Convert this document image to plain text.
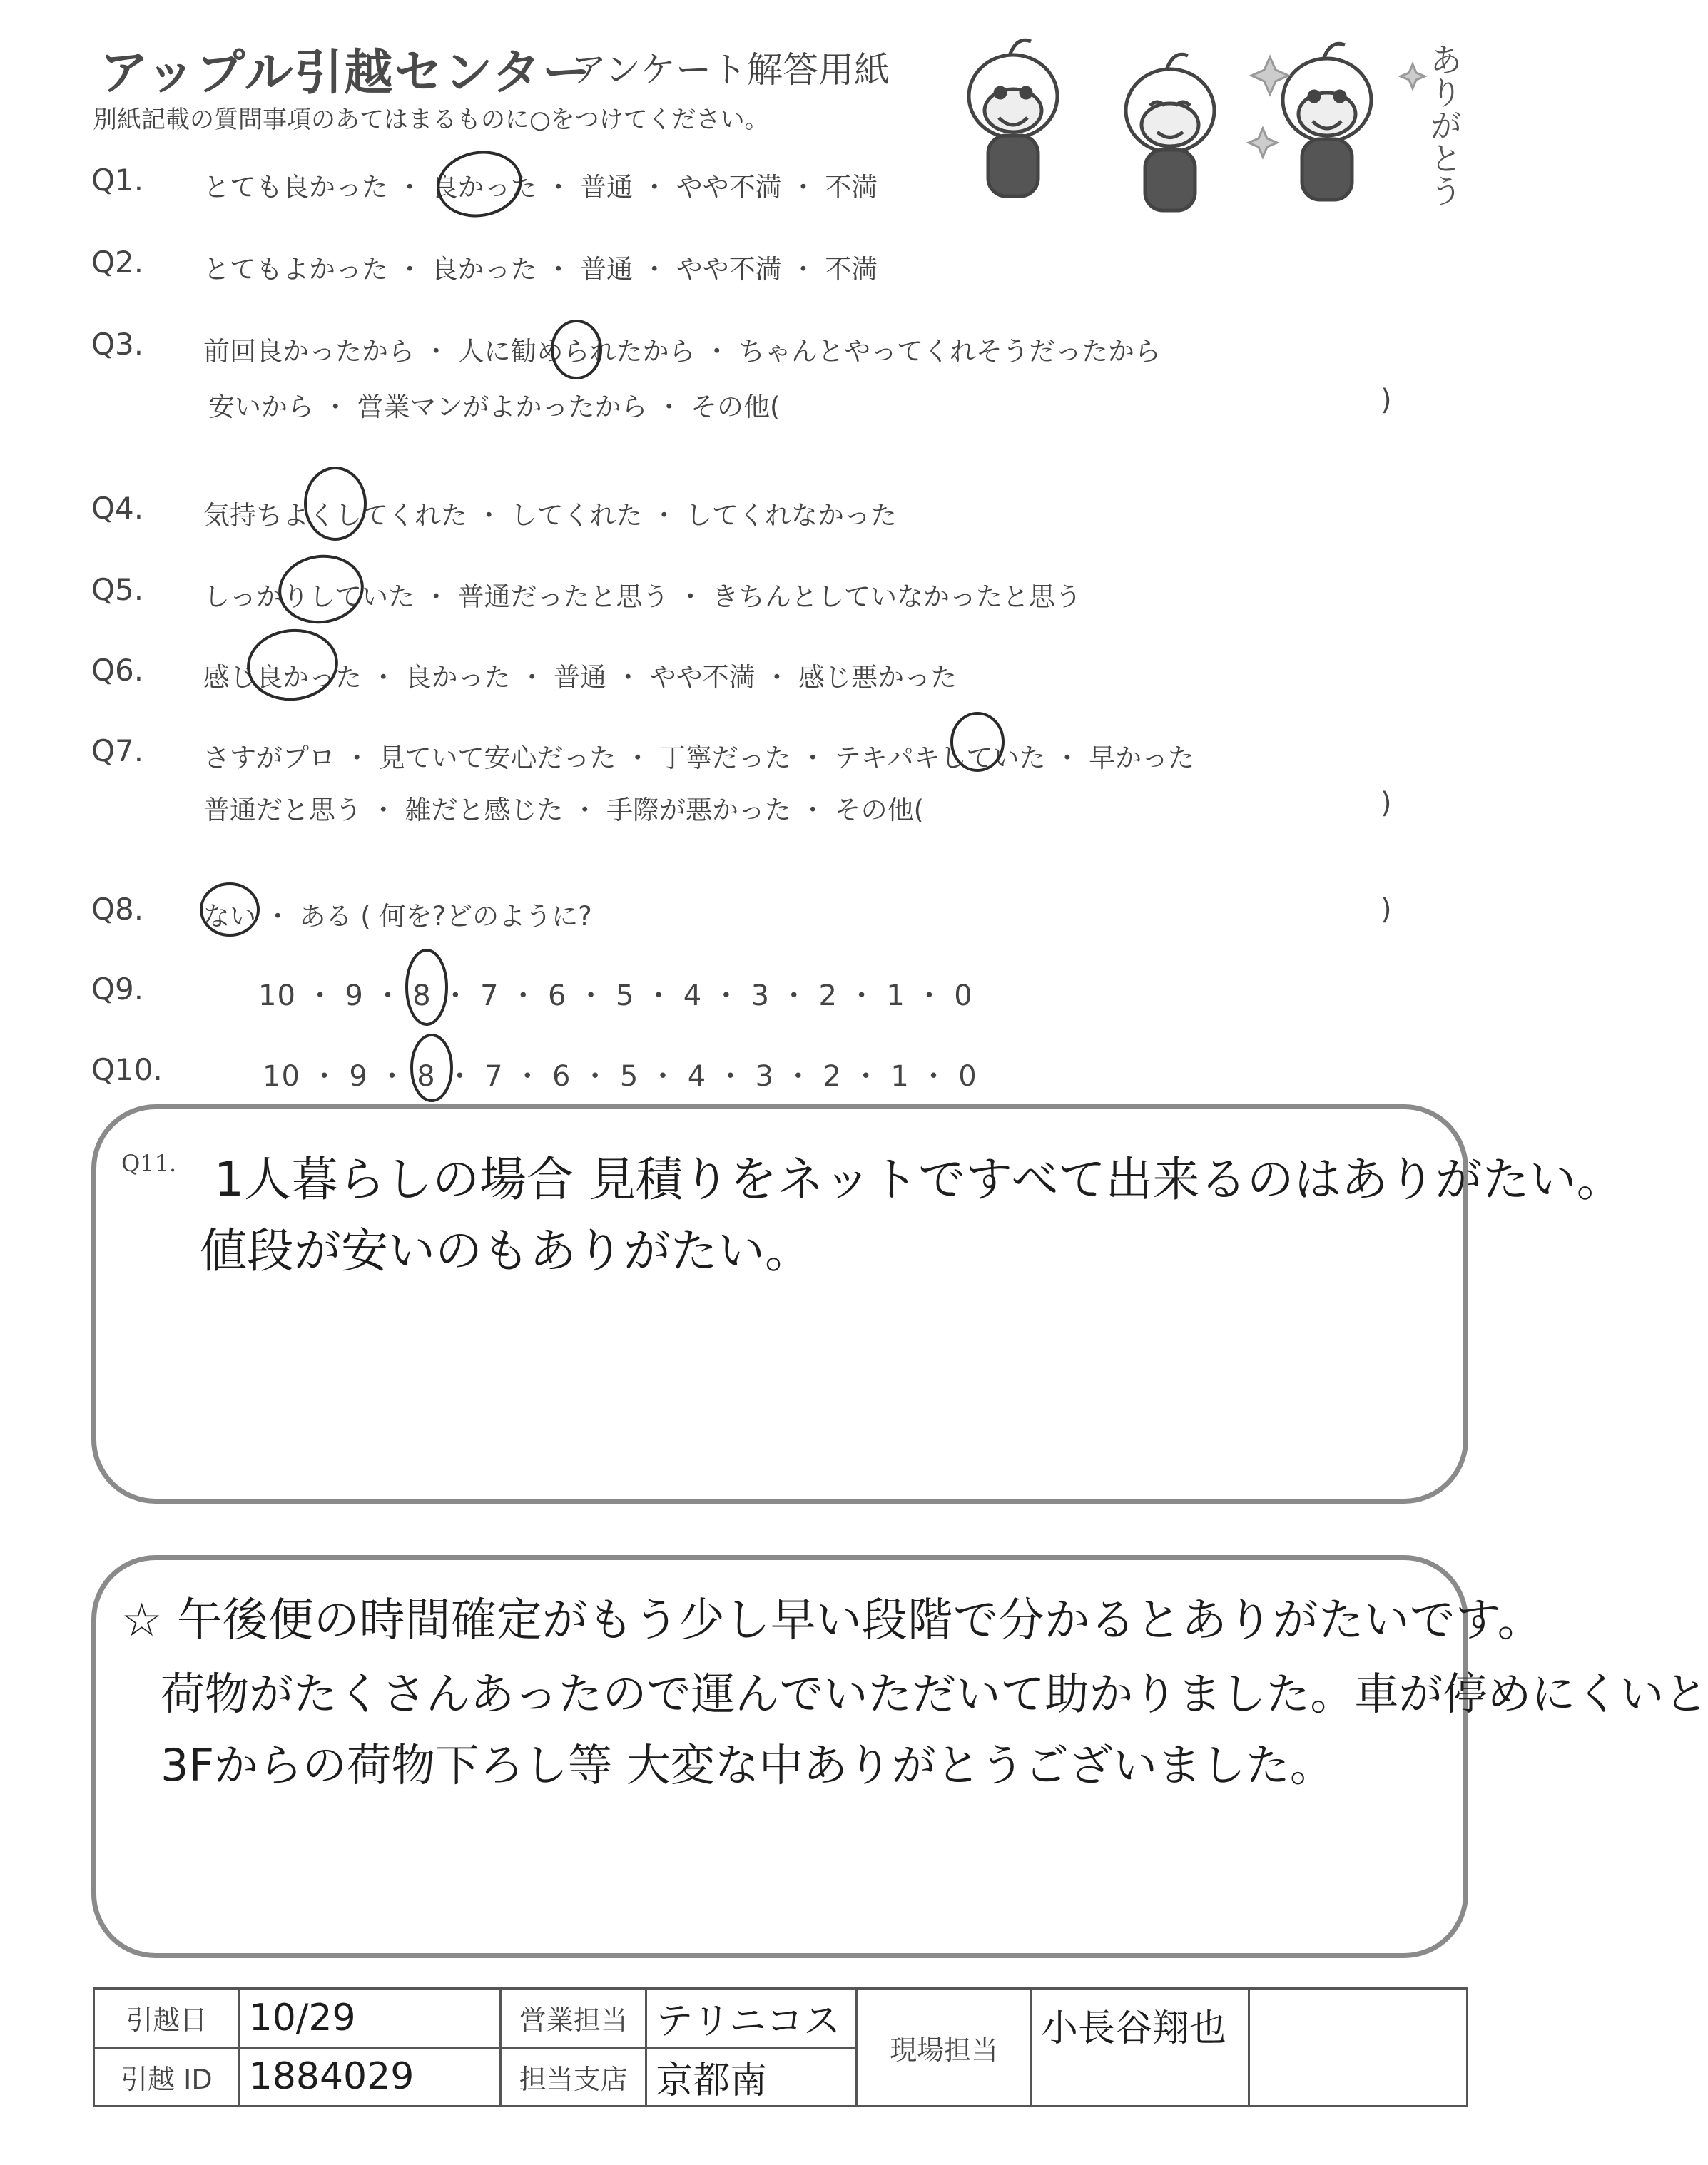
アップル引越センター
アンケート解答用紙
別紙記載の質問事項のあてはまるものに○をつけてください。	ありがとう
Q1. とても良かった ・ 良かった ・ 普通 ・ やや不満 ・ 不満
Q2. とてもよかった ・ 良かった ・ 普通 ・ やや不満 ・ 不満
Q3. 前回良かったから ・ 人に勧められたから ・ ちゃんとやってくれそうだったから
安いから ・ 営業マンがよかったから ・ その他(	)
Q4. 気持ちよくしてくれた ・ してくれた ・ してくれなかった
Q5. しっかりしていた ・ 普通だったと思う ・ きちんとしていなかったと思う
Q6. 感じ良かった ・ 良かった ・ 普通 ・ やや不満 ・ 感じ悪かった
Q7. さすがプロ ・ 見ていて安心だった ・ 丁寧だった ・ テキパキしていた ・ 早かった
普通だと思う ・ 雑だと感じた ・ 手際が悪かった ・ その他(	)
Q8. ない ・ ある ( 何を?どのように?	)
Q9.	10 ・ 9 ・ 8 ・ 7 ・ 6 ・ 5 ・ 4 ・ 3 ・ 2 ・ 1 ・ 0
Q10.	10 ・ 9 ・ 8 ・ 7 ・ 6 ・ 5 ・ 4 ・ 3 ・ 2 ・ 1 ・ 0
Q11. 1人暮らしの場合 見積りをネットですべて出来るのはありがたい。
値段が安いのもありがたい。
☆ 午後便の時間確定がもう少し早い段階で分かるとありがたいです。
荷物がたくさんあったので運んでいただいて助かりました。車が停めにくいと
3Fからの荷物下ろし等 大変な中ありがとうございました。
引越日	10/29	営業担当	テリニコス	現場担当	小長谷翔也	
引越 ID	1884029	担当支店	京都南			
